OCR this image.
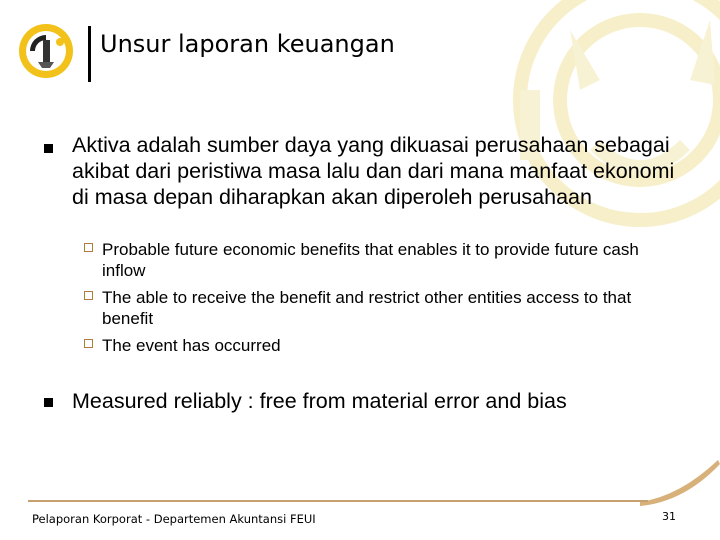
Unsur laporan keuangan
Aktiva adalah sumber daya yang dikuasai perusahaan sebagai akibat dari peristiwa masa lalu dan dari mana manfaat ekonomi di masa depan diharapkan akan diperoleh perusahaan
Probable future economic benefits that enables it to provide future cash inflow
The able to receive the benefit and restrict other entities access to that benefit
The event has occurred
Measured reliably : free from material error and bias
Pelaporan Korporat - Departemen Akuntansi FEUI	31
